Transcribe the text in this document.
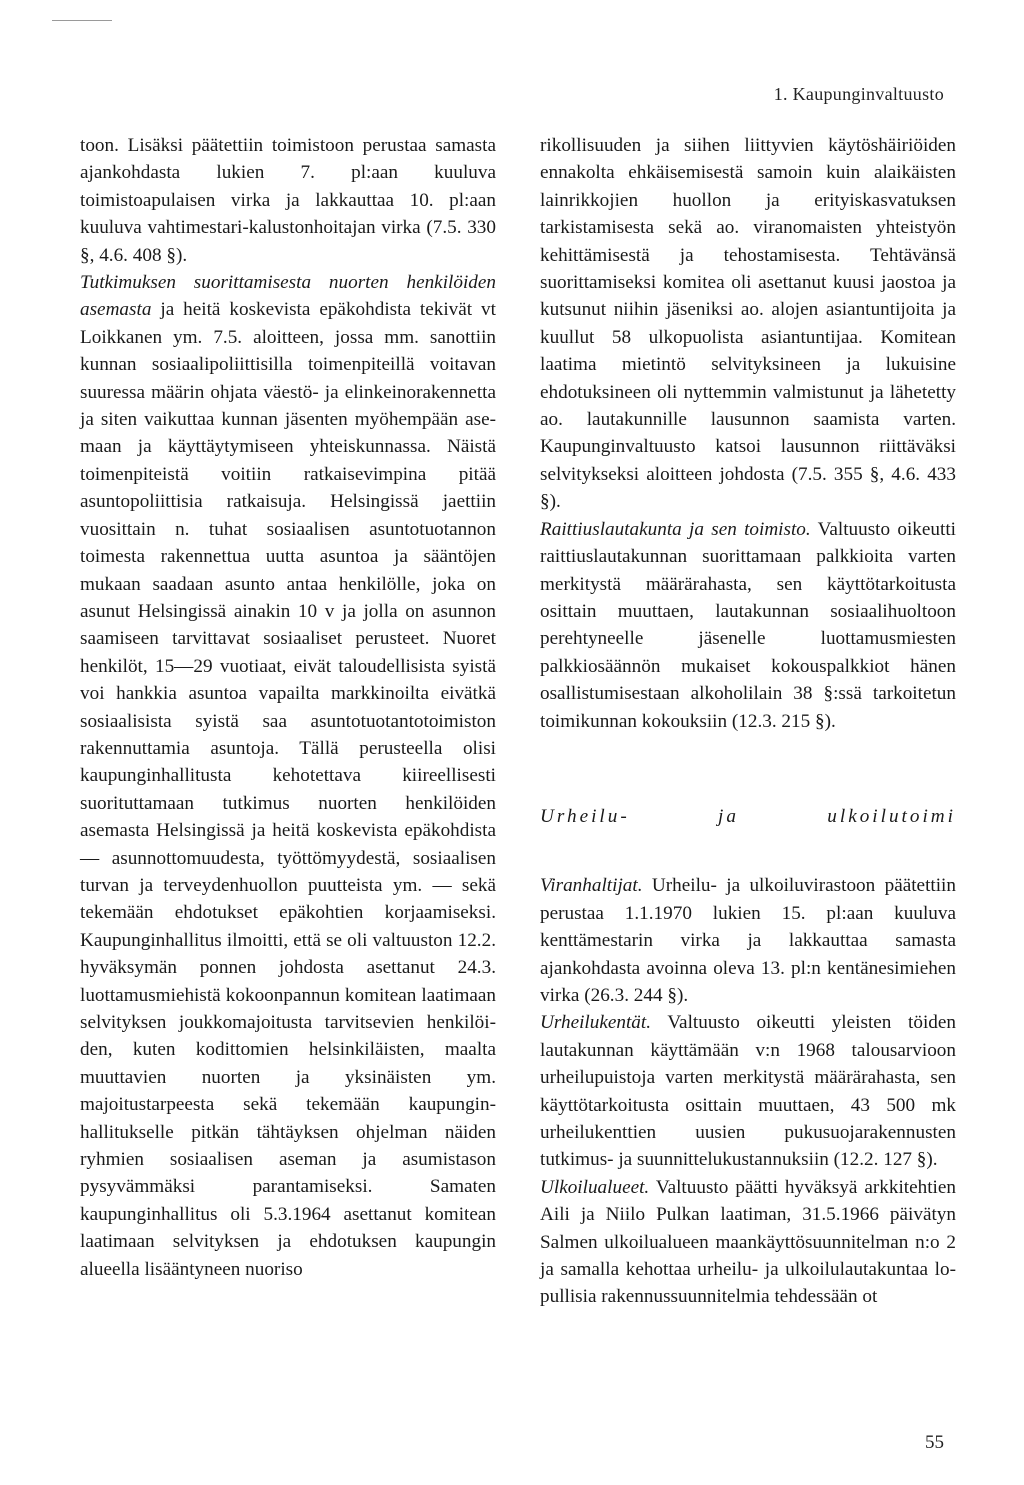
1. Kaupunginvaltuusto

toon. Lisäksi päätettiin toimistoon perustaa samasta ajankohdasta lukien 7. pl:aan kuuluva toimistoapulaisen virka ja lakkauttaa 10. pl:aan kuuluva vahtimestari-kalustonhoitajan virka (7.5. 330 §, 4.6. 408 §).

Tutkimuksen suorittamisesta nuorten henkilöiden asemasta ja heitä koskevista epäkohdista tekivät vt Loikkanen ym. 7.5. aloitteen, jossa mm. sanottiin kunnan sosiaalipoliittisilla toimenpiteillä voitavan suuressa määrin ohjata väestö- ja elinkeinorakennetta ja siten vaikuttaa kunnan jäsenten myöhempään asemaan ja käyttäytymiseen yhteiskunnassa. Näistä toimenpiteistä voitiin ratkaisevimpina pitää asuntopoliittisia ratkaisuja. Helsingissä jaettiin vuosittain n. tuhat sosiaalisen asuntotuotannon toimesta rakennettua uutta asuntoa ja sääntöjen mukaan saadaan asunto antaa henkilölle, joka on asunut Helsingissä ainakin 10 v ja jolla on asunnon saamiseen tarvittavat sosiaaliset perusteet. Nuoret henkilöt, 15—29 vuotiaat, eivät taloudellisista syistä voi hankkia asuntoa vapailta markkinoilta eivätkä sosiaalisista syistä saa asuntotuotantotoimiston rakennuttamia asuntoja. Tällä perusteella olisi kaupunginhallitusta kehotettava kiireellisesti suorituttamaan tutkimus nuorten henkilöiden asemasta Helsingissä ja heitä koskevista epäkohdista — asunnottomuudesta, työttömyydestä, sosiaalisen turvan ja terveydenhuollon puutteista ym. — sekä tekemään ehdotukset epäkohtien korjaamiseksi. Kaupunginhallitus ilmoitti, että se oli valtuuston 12.2. hyväksymän ponnen johdosta asettanut 24.3. luottamusmiehistä kokoonpannun komitean laatimaan selvityksen joukkomajoitusta tarvitsevien henkilöiden, kuten kodittomien helsinkiläisten, maalta muuttavien nuorten ja yksinäisten ym. majoitustarpeesta sekä tekemään kaupunginhallitukselle pitkän tähtäyksen ohjelman näiden ryhmien sosiaalisen aseman ja asumistason pysyvämmäksi parantamiseksi. Samaten kaupunginhallitus oli 5.3.1964 asettanut komitean laatimaan selvityksen ja ehdotuksen kaupungin alueella lisääntyneen nuoriso

rikollisuuden ja siihen liittyvien käytöshäiriöiden ennakolta ehkäisemisestä samoin kuin alaikäisten lainrikkojien huollon ja erityiskasvatuksen tarkistamisesta sekä ao. viranomaisten yhteistyön kehittämisestä ja tehostamisesta. Tehtävänsä suorittamiseksi komitea oli asettanut kuusi jaostoa ja kutsunut niihin jäseniksi ao. alojen asiantuntijoita ja kuullut 58 ulkopuolista asiantuntijaa. Komitean laatima mietintö selvityksineen ja lukuisine ehdotuksineen oli nyttemmin valmistunut ja lähetetty ao. lautakunnille lausunnon saamista varten. Kaupunginvaltuusto katsoi lausunnon riittäväksi selvitykseksi aloitteen johdosta (7.5. 355 §, 4.6. 433 §).

Raittiuslautakunta ja sen toimisto. Valtuusto oikeutti raittiuslautakunnan suorittamaan palkkioita varten merkitystä määrärahasta, sen käyttötarkoitusta osittain muuttaen, lautakunnan sosiaalihuoltoon perehtyneelle jäsenelle luottamusmiesten palkkiosäännön mukaiset kokouspalkkiot hänen osallistumisestaan alkoholilain 38 §:ssä tarkoitetun toimikunnan kokouksiin (12.3. 215 §).

Urheilu- ja ulkoilutoimi

Viranhaltijat. Urheilu- ja ulkoiluvirastoon päätettiin perustaa 1.1.1970 lukien 15. pl:aan kuuluva kenttämestarin virka ja lakkauttaa samasta ajankohdasta avoinna oleva 13. pl:n kentänesimiehen virka (26.3. 244 §).

Urheilukentät. Valtuusto oikeutti yleisten töiden lautakunnan käyttämään v:n 1968 talousarvioon urheilupuistoja varten merkitystä määrärahasta, sen käyttötarkoitusta osittain muuttaen, 43 500 mk urheilukenttien uusien pukusuojarakennusten tutkimus- ja suunnittelukustannuksiin (12.2. 127 §).

Ulkoilualueet. Valtuusto päätti hyväksyä arkkitehtien Aili ja Niilo Pulkan laatiman, 31.5.1966 päivätyn Salmen ulkoilualueen maankäyttösuunnitelman n:o 2 ja samalla kehottaa urheilu- ja ulkoilulautakuntaa lopullisia rakennussuunnitelmia tehdessään ot

55
